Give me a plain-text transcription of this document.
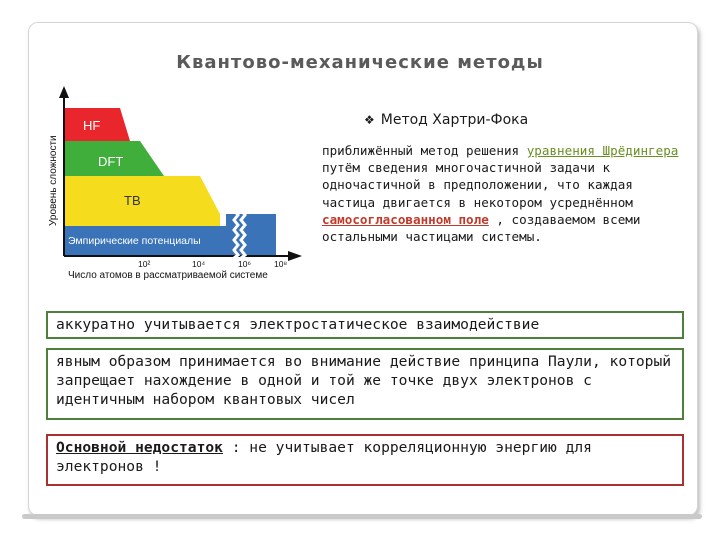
Квантово-механические методы
HF
DFT
TB
Эмпирические потенциалы
10²	10⁴	10⁶	10⁸
Число атомов в рассматриваемой системе
Уровень сложности
❖ Метод Хартри-Фока
приближённый метод решения уравнения Шрёдингера путём сведения многочастичной задачи к одночастичной в предположении, что каждая частица двигается в некотором усреднённом самосогласованном поле , создаваемом всеми остальными частицами системы.
аккуратно учитывается электростатическое взаимодействие
явным образом принимается во внимание действие принципа Паули, который запрещает нахождение в одной и той же точке двух электронов с идентичным набором квантовых чисел
Основной недостаток : не учитывает корреляционную энергию для электронов !
